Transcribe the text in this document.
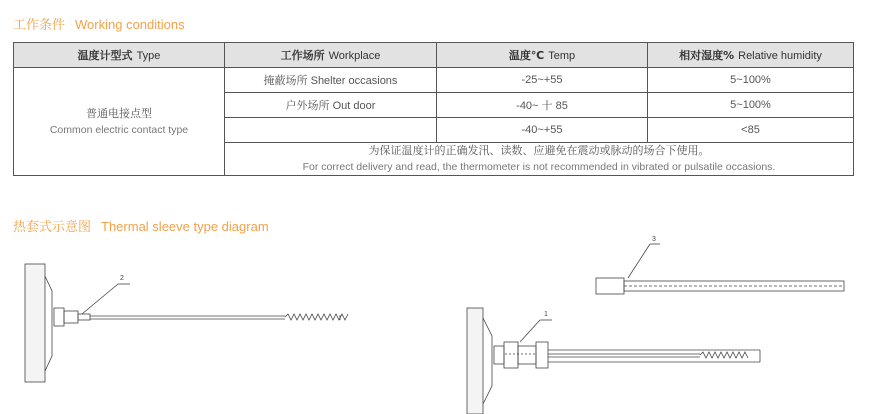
工作条件 Working conditions
温度计型式 Type	工作场所 Workplace	温度℃ Temp	相对湿度% Relative humidity

普通电接点型
Common electric contact type	掩蔽场所 Shelter occasions	-25~+55	5~100%
	户外场所 Out door	-40~ 十 85	5~100%
		-40~+55	<85

	为保证温度计的正确发汛、读数、应避免在震动或脉动的场合下使用。
For correct delivery and read, the thermometer is not recommended in vibrated or pulsatile occasions.		
热套式示意图 Thermal sleeve type diagram
2
1
3
